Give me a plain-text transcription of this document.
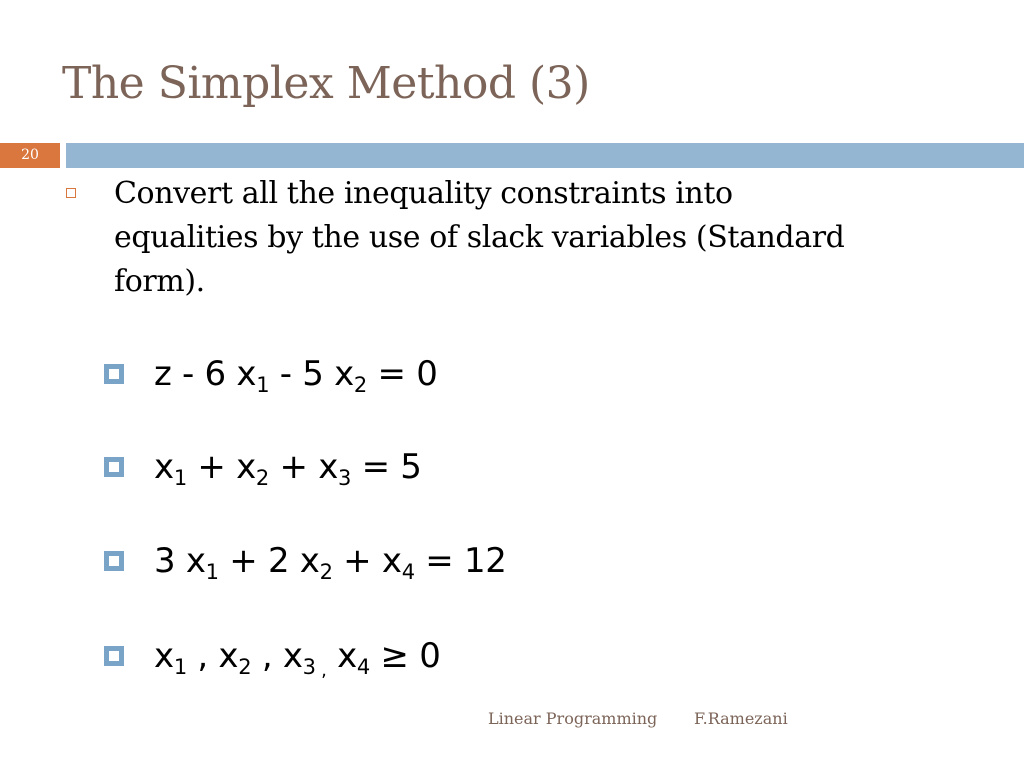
The Simplex Method (3)
20
Convert all the inequality constraints into equalities by the use of slack variables (Standard form).
z - 6 $x_1 - 5$ $x_2 = 0$
$x_1 + x_2 + x_3 = 5$
3 $x_1 + 2$ $x_2 + x_4 = 12$
$x_1$ , $x_2$ , $x_3$ $_,$ $x_4 \ge 0$
Linear Programming F.Ramezani
